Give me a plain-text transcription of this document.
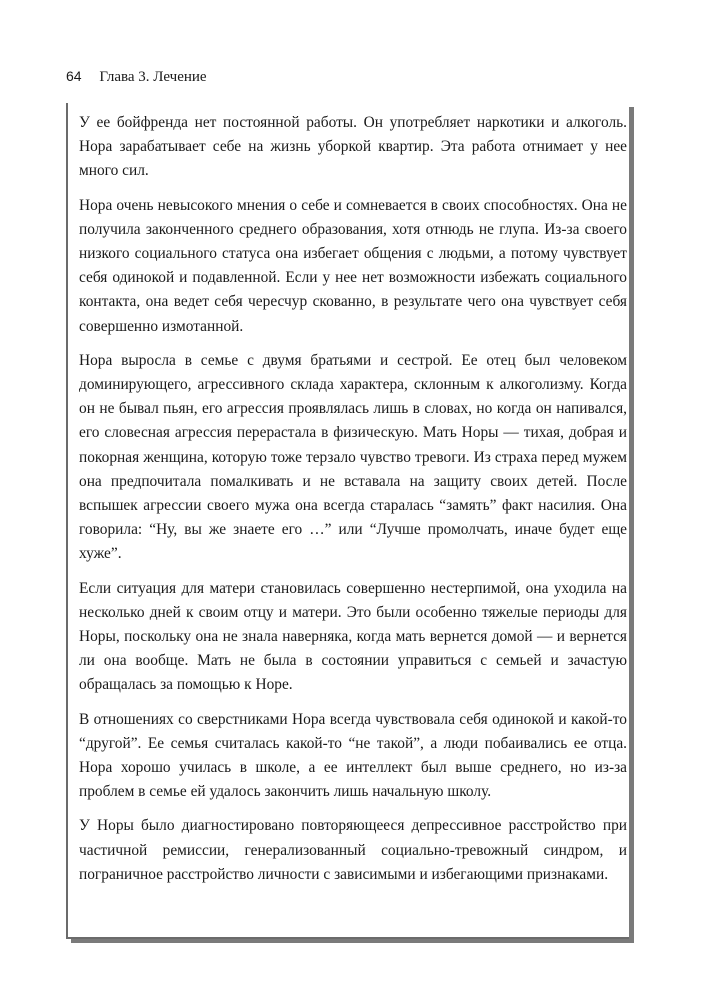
64 Глава 3. Лечение

У ее бойфренда нет постоянной работы. Он употребляет наркотики и алкоголь. Нора зарабатывает себе на жизнь уборкой квартир. Эта работа отнимает у нее много сил.

Нора очень невысокого мнения о себе и сомневается в своих способностях. Она не получила законченного среднего образования, хотя отнюдь не глупа. Из-за своего низкого социального статуса она избегает общения с людьми, а потому чувствует себя одинокой и подавленной. Если у нее нет возможности избежать социального контакта, она ведет себя чересчур скованно, в результате чего она чувствует себя совершенно измотанной.

Нора выросла в семье с двумя братьями и сестрой. Ее отец был человеком доминирующего, агрессивного склада характера, склонным к алкоголизму. Когда он не бывал пьян, его агрессия проявлялась лишь в словах, но когда он напивался, его словесная агрессия перерастала в физическую. Мать Норы — тихая, добрая и покорная женщина, которую тоже терзало чувство тревоги. Из страха перед мужем она предпочитала помалкивать и не вставала на защиту своих детей. После вспышек агрессии своего мужа она всегда старалась “замять” факт насилия. Она говорила: “Ну, вы же знаете его …” или “Лучше промолчать, иначе будет еще хуже”.

Если ситуация для матери становилась совершенно нестерпимой, она уходила на несколько дней к своим отцу и матери. Это были особенно тяжелые периоды для Норы, поскольку она не знала наверняка, когда мать вернется домой — и вернется ли она вообще. Мать не была в состоянии управиться с семьей и зачастую обращалась за помощью к Норе.

В отношениях со сверстниками Нора всегда чувствовала себя одинокой и какой-то “другой”. Ее семья считалась какой-то “не такой”, а люди побаивались ее отца. Нора хорошо училась в школе, а ее интеллект был выше среднего, но из-за проблем в семье ей удалось закончить лишь начальную школу.

У Норы было диагностировано повторяющееся депрессивное расстройство при частичной ремиссии, генерализованный социально-тревожный синдром, и пограничное расстройство личности с зависимыми и избегающими признаками.
